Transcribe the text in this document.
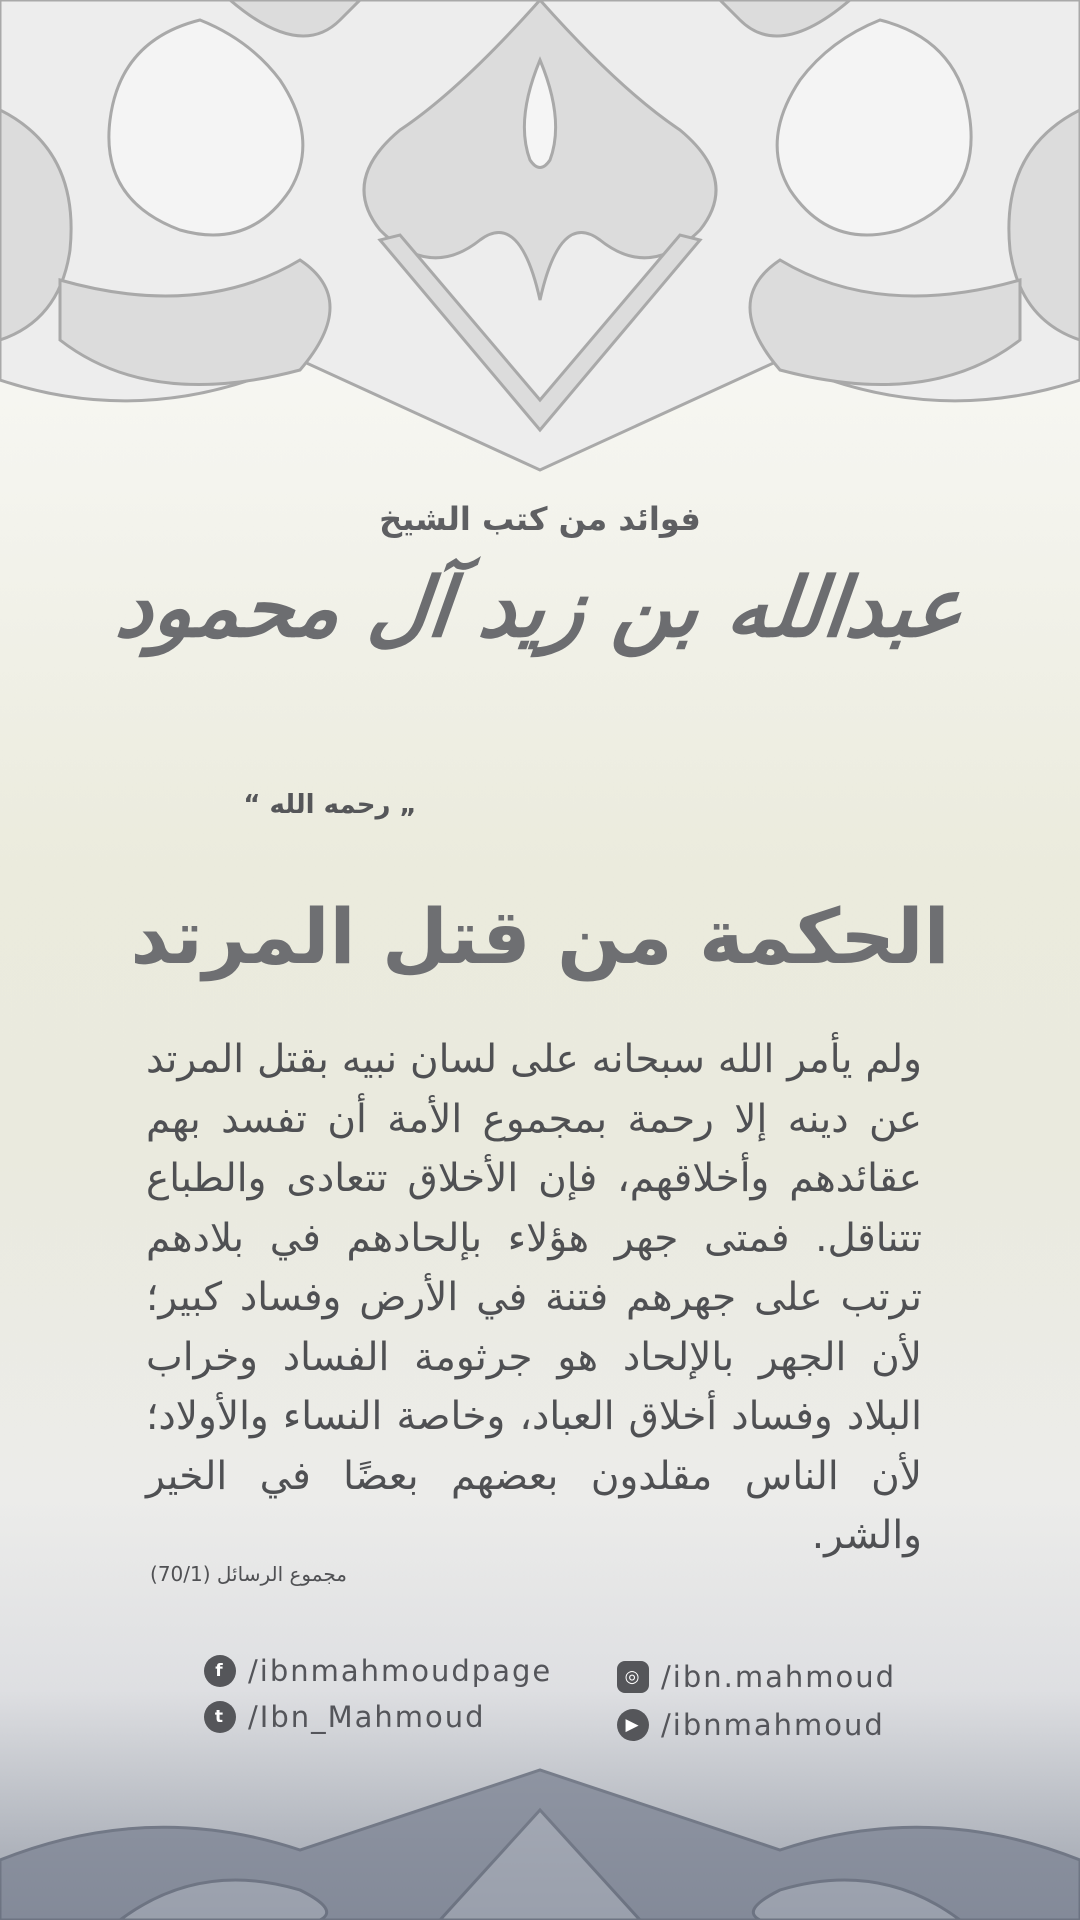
فوائد من كتب الشيخ
عبدالله بن زيد آل محمود
„ رحمه الله “
الحكمة من قتل المرتد
ولم يأمر الله سبحانه على لسان نبيه بقتل المرتد عن دينه إلا رحمة بمجموع الأمة أن تفسد بهم عقائدهم وأخلاقهم، فإن الأخلاق تتعادى والطباع تتناقل. فمتى جهر هؤلاء بإلحادهم في بلادهم ترتب على جهرهم فتنة في الأرض وفساد كبير؛ لأن الجهر بالإلحاد هو جرثومة الفساد وخراب البلاد وفساد أخلاق العباد، وخاصة النساء والأولاد؛ لأن الناس مقلدون بعضهم بعضًا في الخير والشر.
مجموع الرسائل (70/1)
f /ibnmahmoudpage
t /Ibn_Mahmoud
◎ /ibn.mahmoud
▶ /ibnmahmoud
